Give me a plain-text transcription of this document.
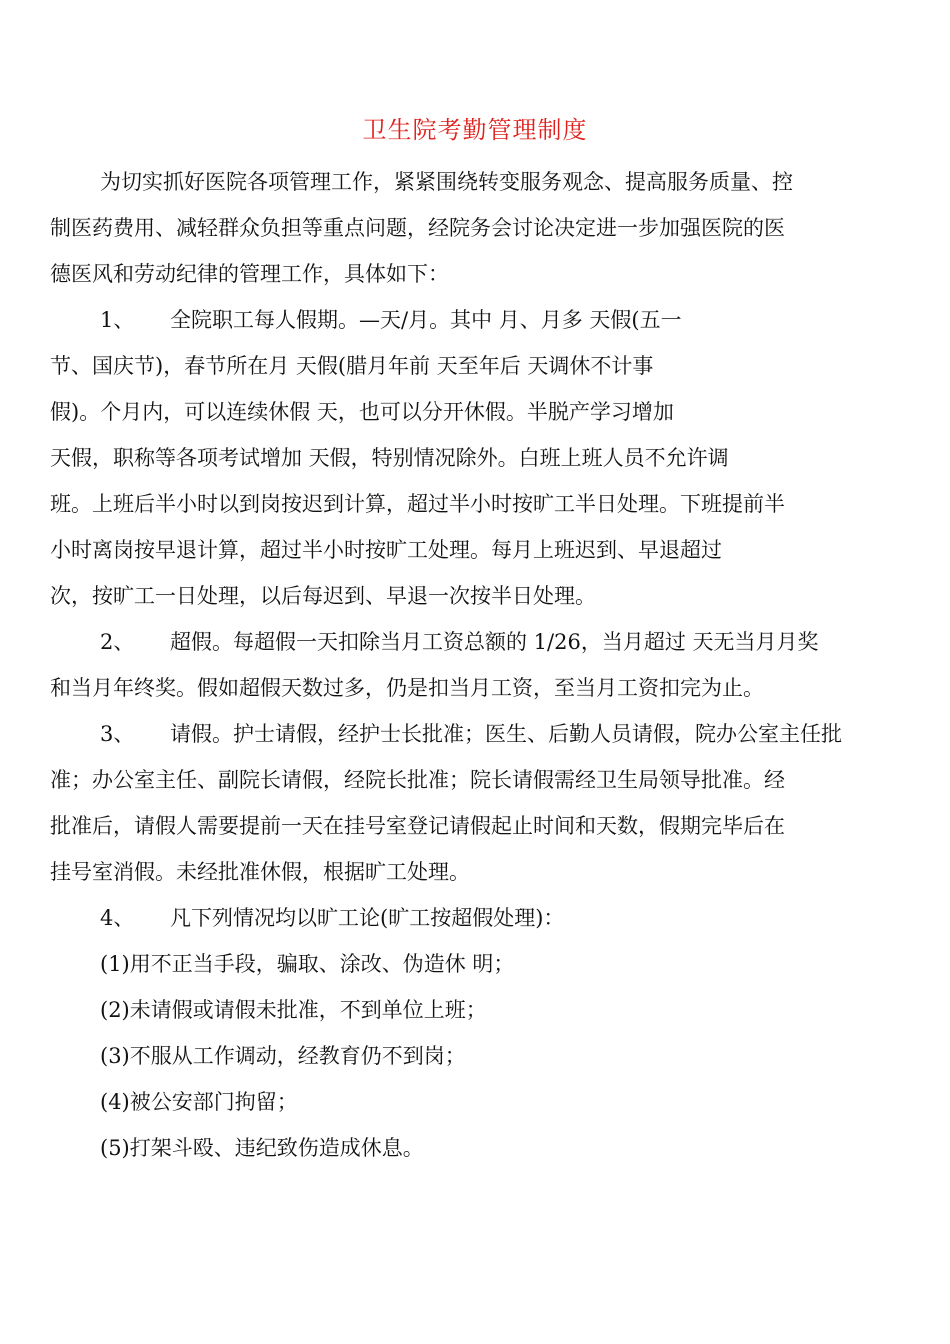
卫生院考勤管理制度
为切实抓好医院各项管理工作，紧紧围绕转变服务观念、提高服务质量、控
制医药费用、减轻群众负担等重点问题，经院务会讨论决定进一步加强医院的医
德医风和劳动纪律的管理工作，具体如下：
1、 全院职工每人假期。—天/月。其中 月、月多 天假(五一
节、国庆节)，春节所在月 天假(腊月年前 天至年后 天调休不计事
假)。个月内，可以连续休假 天，也可以分开休假。半脱产学习增加
天假，职称等各项考试增加 天假，特别情况除外。白班上班人员不允许调
班。上班后半小时以到岗按迟到计算，超过半小时按旷工半日处理。下班提前半
小时离岗按早退计算，超过半小时按旷工处理。每月上班迟到、早退超过
次，按旷工一日处理，以后每迟到、早退一次按半日处理。
2、 超假。每超假一天扣除当月工资总额的 1/26，当月超过 天无当月月奖
和当月年终奖。假如超假天数过多，仍是扣当月工资，至当月工资扣完为止。
3、 请假。护士请假，经护士长批准；医生、后勤人员请假，院办公室主任批
准；办公室主任、副院长请假，经院长批准；院长请假需经卫生局领导批准。经
批准后，请假人需要提前一天在挂号室登记请假起止时间和天数，假期完毕后在
挂号室消假。未经批准休假，根据旷工处理。
4、 凡下列情况均以旷工论(旷工按超假处理)：
(1)用不正当手段，骗取、涂改、伪造休 明；
(2)未请假或请假未批准，不到单位上班；
(3)不服从工作调动，经教育仍不到岗；
(4)被公安部门拘留；
(5)打架斗殴、违纪致伤造成休息。
